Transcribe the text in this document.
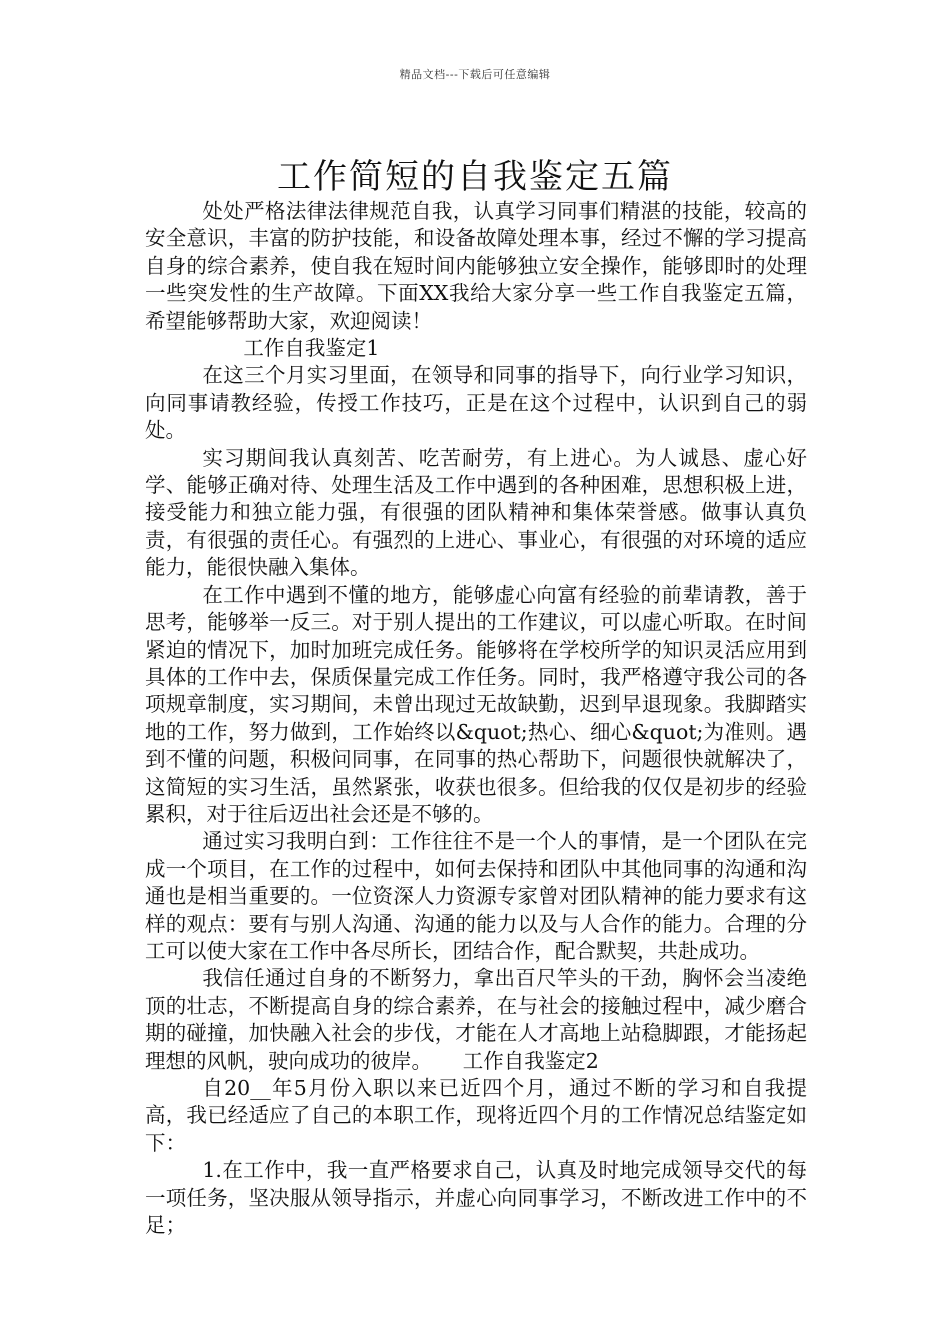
精品文档---下载后可任意编辑
工作简短的自我鉴定五篇

处处严格法律法律规范自我，认真学习同事们精湛的技能，较高的安全意识，丰富的防护技能，和设备故障处理本事，经过不懈的学习提高自身的综合素养，使自我在短时间内能够独立安全操作，能够即时的处理一些突发性的生产故障。下面XX我给大家分享一些工作自我鉴定五篇，希望能够帮助大家，欢迎阅读！

工作自我鉴定1

在这三个月实习里面，在领导和同事的指导下，向行业学习知识，向同事请教经验，传授工作技巧，正是在这个过程中，认识到自己的弱处。

实习期间我认真刻苦、吃苦耐劳，有上进心。为人诚恳、虚心好学、能够正确对待、处理生活及工作中遇到的各种困难，思想积极上进，接受能力和独立能力强，有很强的团队精神和集体荣誉感。做事认真负责，有很强的责任心。有强烈的上进心、事业心，有很强的对环境的适应能力，能很快融入集体。

在工作中遇到不懂的地方，能够虚心向富有经验的前辈请教，善于思考，能够举一反三。对于别人提出的工作建议，可以虚心听取。在时间紧迫的情况下，加时加班完成任务。能够将在学校所学的知识灵活应用到具体的工作中去，保质保量完成工作任务。同时，我严格遵守我公司的各项规章制度，实习期间，未曾出现过无故缺勤，迟到早退现象。我脚踏实地的工作，努力做到，工作始终以&quot;热心、细心&quot;为准则。遇到不懂的问题，积极问同事，在同事的热心帮助下，问题很快就解决了，这简短的实习生活，虽然紧张，收获也很多。但给我的仅仅是初步的经验累积，对于往后迈出社会还是不够的。

通过实习我明白到：工作往往不是一个人的事情，是一个团队在完成一个项目，在工作的过程中，如何去保持和团队中其他同事的沟通和沟通也是相当重要的。一位资深人力资源专家曾对团队精神的能力要求有这样的观点：要有与别人沟通、沟通的能力以及与人合作的能力。合理的分工可以使大家在工作中各尽所长，团结合作，配合默契，共赴成功。

我信任通过自身的不断努力，拿出百尺竿头的干劲，胸怀会当凌绝顶的壮志，不断提高自身的综合素养，在与社会的接触过程中，减少磨合期的碰撞，加快融入社会的步伐，才能在人才高地上站稳脚跟，才能扬起理想的风帆，驶向成功的彼岸。　　工作自我鉴定2

自20__年5月份入职以来已近四个月，通过不断的学习和自我提高，我已经适应了自己的本职工作，现将近四个月的工作情况总结鉴定如下：

1.在工作中，我一直严格要求自己，认真及时地完成领导交代的每一项任务，坚决服从领导指示，并虚心向同事学习，不断改进工作中的不足；
